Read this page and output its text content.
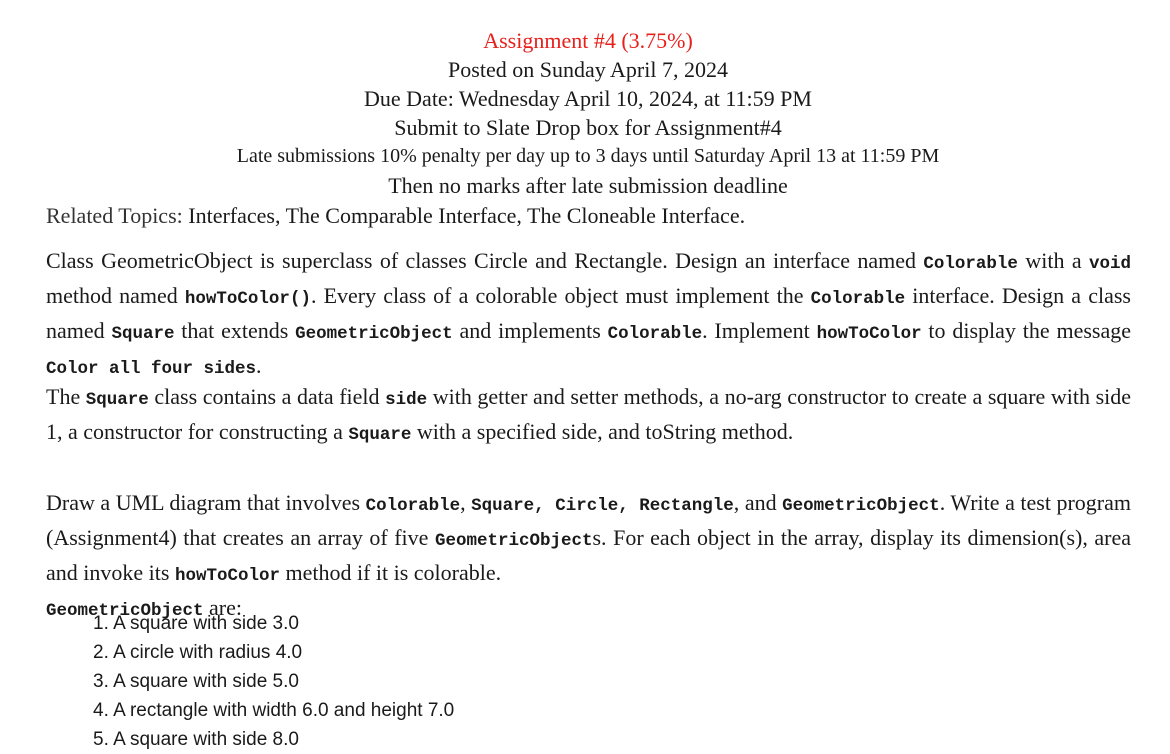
Assignment #4 (3.75%)
Posted on Sunday April 7, 2024
Due Date: Wednesday April 10, 2024, at 11:59 PM
Submit to Slate Drop box for Assignment#4
Late submissions 10% penalty per day up to 3 days until Saturday April 13 at 11:59 PM
Then no marks after late submission deadline
Related Topics: Interfaces, The Comparable Interface, The Cloneable Interface.
Class GeometricObject is superclass of classes Circle and Rectangle. Design an interface named Colorable with a void method named howToColor(). Every class of a colorable object must implement the Colorable interface. Design a class named Square that extends GeometricObject and implements Colorable. Implement howToColor to display the message Color all four sides.
The Square class contains a data field side with getter and setter methods, a no-arg constructor to create a square with side 1, a constructor for constructing a Square with a specified side, and toString method.
Draw a UML diagram that involves Colorable, Square, Circle, Rectangle, and GeometricObject. Write a test program (Assignment4) that creates an array of five GeometricObjects. For each object in the array, display its dimension(s), area and invoke its howToColor method if it is colorable.
GeometricObject are:
1. A square with side 3.0
2. A circle with radius 4.0
3. A square with side 5.0
4. A rectangle with width 6.0 and height 7.0
5. A square with side 8.0
